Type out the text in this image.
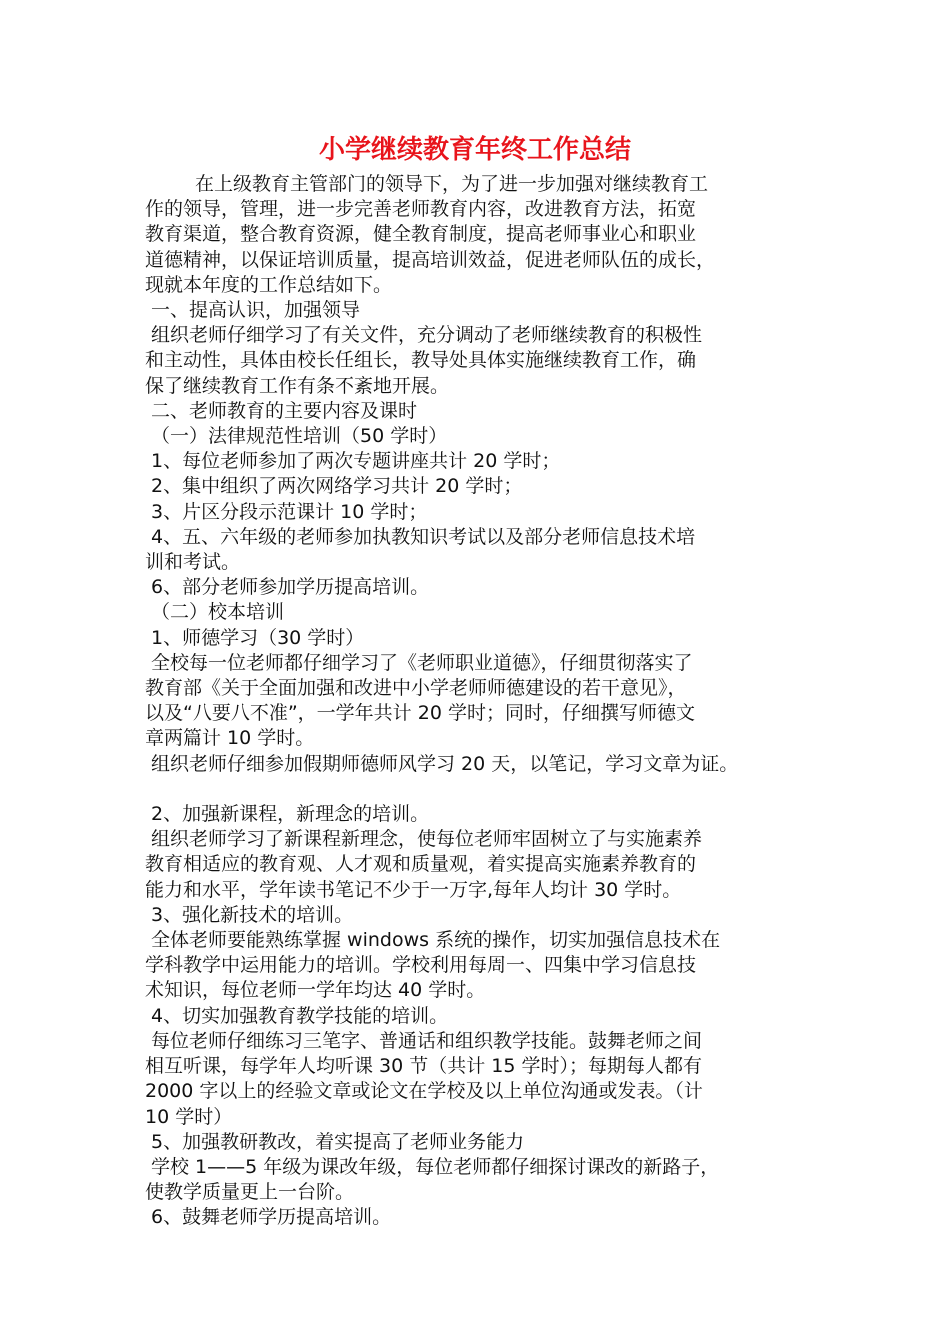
小学继续教育年终工作总结

在上级教育主管部门的领导下，为了进一步加强对继续教育工

作的领导，管理，进一步完善老师教育内容，改进教育方法，拓宽

教育渠道，整合教育资源，健全教育制度，提高老师事业心和职业

道德精神，以保证培训质量，提高培训效益，促进老师队伍的成长，

现就本年度的工作总结如下。

一、提高认识，加强领导

组织老师仔细学习了有关文件，充分调动了老师继续教育的积极性

和主动性，具体由校长任组长，教导处具体实施继续教育工作，确

保了继续教育工作有条不紊地开展。

二、老师教育的主要内容及课时

（一）法律规范性培训（50 学时）

1、每位老师参加了两次专题讲座共计 20 学时；

2、集中组织了两次网络学习共计 20 学时；

3、片区分段示范课计 10 学时；

4、五、六年级的老师参加执教知识考试以及部分老师信息技术培

训和考试。

6、部分老师参加学历提高培训。

（二）校本培训

1、师德学习（30 学时）

全校每一位老师都仔细学习了《老师职业道德》，仔细贯彻落实了

教育部《关于全面加强和改进中小学老师师德建设的若干意见》，

以及“八要八不准”，一学年共计 20 学时；同时，仔细撰写师德文

章两篇计 10 学时。

组织老师仔细参加假期师德师风学习 20 天，以笔记，学习文章为证。

2、加强新课程，新理念的培训。

组织老师学习了新课程新理念，使每位老师牢固树立了与实施素养

教育相适应的教育观、人才观和质量观，着实提高实施素养教育的

能力和水平，学年读书笔记不少于一万字,每年人均计 30 学时。

3、强化新技术的培训。

全体老师要能熟练掌握 windows 系统的操作，切实加强信息技术在

学科教学中运用能力的培训。学校利用每周一、四集中学习信息技

术知识，每位老师一学年均达 40 学时。

4、切实加强教育教学技能的培训。

每位老师仔细练习三笔字、普通话和组织教学技能。鼓舞老师之间

相互听课，每学年人均听课 30 节（共计 15 学时）；每期每人都有

2000 字以上的经验文章或论文在学校及以上单位沟通或发表。（计

10 学时）

5、加强教研教改，着实提高了老师业务能力

学校 1——5 年级为课改年级，每位老师都仔细探讨课改的新路子，

使教学质量更上一台阶。

6、鼓舞老师学历提高培训。
